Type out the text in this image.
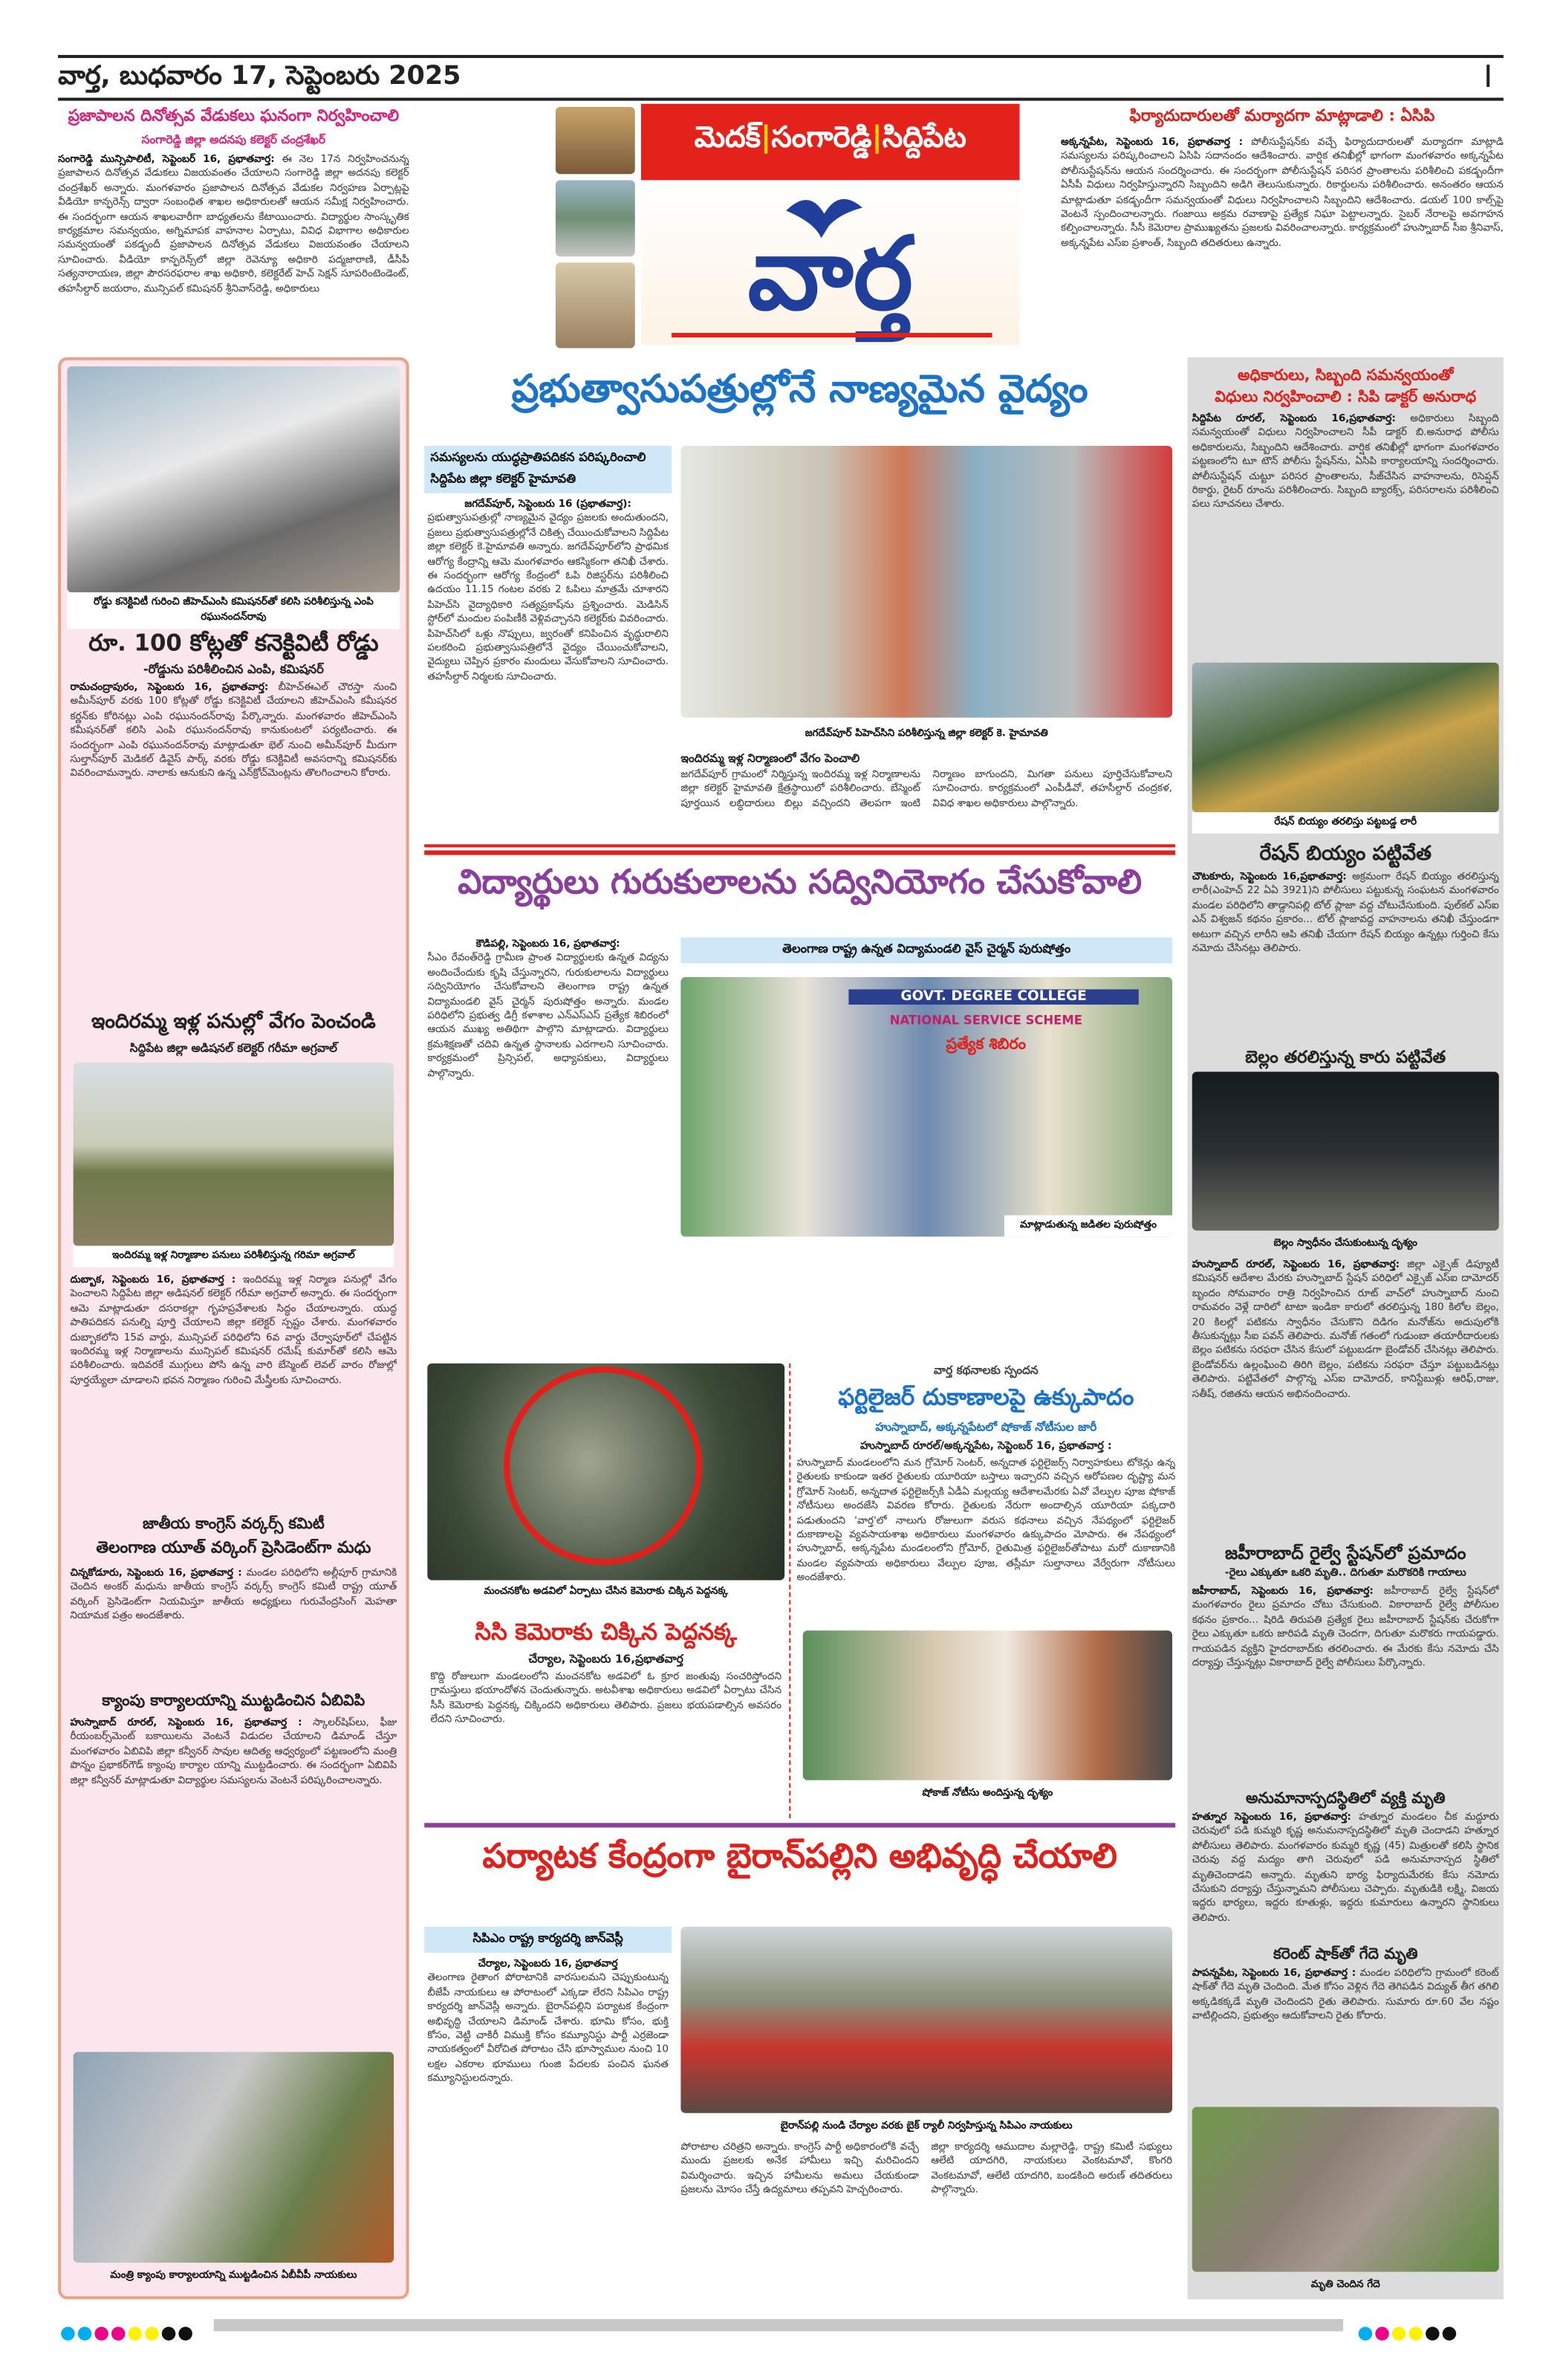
వార్త, బుధవారం 17, సెప్టెంబరు 2025	I
ప్రజాపాలన దినోత్సవ వేడుకలు ఘనంగా నిర్వహించాలి
సంగారెడ్డి జిల్లా అదనపు కలెక్టర్ చంద్రశేఖర్
సంగారెడ్డి మున్సిపాలిటీ, సెప్టెంబర్ 16, ప్రభాతవార్త: ఈ నెల 17న నిర్వహించనున్న ప్రజాపాలన దినోత్సవ వేడుకలు విజయవంతం చేయాలని సంగారెడ్డి జిల్లా అదనపు కలెక్టర్ చంద్రశేఖర్ అన్నారు. మంగళవారం ప్రజాపాలన దినోత్సవ వేడుకల నిర్వహణ ఏర్పాట్లపై వీడియో కాన్ఫరెన్స్ ద్వారా సంబంధిత శాఖల అధికారులతో ఆయన సమీక్ష నిర్వహించారు. ఈ సందర్భంగా ఆయన శాఖలవారీగా బాధ్యతలను కేటాయించారు. విద్యార్థుల సాంస్కృతిక కార్యక్రమాల సమన్వయం, అగ్నిమాపక వాహనాల ఏర్పాటు, వివిధ విభాగాల అధికారుల సమన్వయంతో పకడ్బందీ ప్రజాపాలన దినోత్సవ వేడుకలు విజయవంతం చేయాలని సూచించారు. వీడియో కాన్ఫరెన్స్‌లో జిల్లా రెవెన్యూ అధికారి పద్మజారాణి, డీసీపీ సత్యనారాయణ, జిల్లా పౌరసరఫరాల శాఖ అధికారి, కలెక్టరేట్ హెచ్ సెక్షన్ సూపరింటెండెంట్, తహసీల్దార్ జయరాం, మున్సిపల్ కమిషనర్ శ్రీనివాస్‌రెడ్డి, అధికారులు
మెదక్|సంగారెడ్డి|సిద్దిపేట
వార్త
ఫిర్యాదుదారులతో మర్యాదగా మాట్లాడాలి : ఏసిపి
అక్కన్నపేట, సెప్టెంబరు 16, ప్రభాతవార్త : పోలీసుస్టేషన్‌కు వచ్చే ఫిర్యాదుదారులతో మర్యాదగా మాట్లాడి సమస్యలను పరిష్కరించాలని ఏసిపి సదానందం ఆదేశించారు. వార్షిక తనిఖీల్లో భాగంగా మంగళవారం అక్కన్నపేట పోలీసుస్టేషన్‌ను ఆయన సందర్శించారు. ఈ సందర్భంగా పోలీసుస్టేషన్ పరిసర ప్రాంతాలను పరిశీలించి పకడ్బందీగా ఏసీపీ విధులు నిర్వహిస్తున్నారని సిబ్బందిని అడిగి తెలుసుకున్నారు. రికార్డులను పరిశీలించారు. అనంతరం ఆయన మాట్లాడుతూ పకడ్బందీగా సమన్వయంతో విధులు నిర్వహించాలని సిబ్బందిని ఆదేశించారు. డయల్ 100 కాల్స్‌పై వెంటనే స్పందించాలన్నారు. గంజాయి అక్రమ రవాణాపై ప్రత్యేక నిఘా పెట్టాలన్నారు. సైబర్ నేరాలపై అవగాహన కల్పించాలన్నారు. సీసీ కెమెరాల ప్రాముఖ్యతను ప్రజలకు వివరించాలన్నారు. కార్యక్రమంలో హుస్నాబాద్ సీఐ శ్రీనివాస్, అక్కన్నపేట ఎస్ఐ ప్రశాంత్, సిబ్బంది తదితరులు ఉన్నారు.
రోడ్డు కనెక్టివిటీ గురించి జీహెచ్ఎంసి కమిషనర్‌తో కలిసి పరిశీలిస్తున్న ఎంపి రఘునందన్‌రావు
రూ. 100 కోట్లతో కనెక్టివిటీ రోడ్డు
-రోడ్డును పరిశీలించిన ఎంపి, కమిషనర్
రామచంద్రాపురం, సెప్టెంబరు 16, ప్రభాతవార్త: బీహెచ్ఈఎల్ చౌరస్తా నుంచి అమీన్‌పూర్ వరకు 100 కోట్లతో రోడ్డు కనెక్టివిటీ చేయాలని జీహెచ్ఎంసి కమీషనర కర్ణన్‌కు కోరినట్లు ఎంపి రఘునందన్‌రావు పేర్కొన్నారు. మంగళవారం జీహెచ్ఎంసి కమీషనర్‌తో కలిసి ఎంపి రఘునందన్‌రావు కానుకుంటలో పర్యటించారు. ఈ సందర్భంగా ఎంపి రఘునందన్‌రావు మాట్లాడుతూ భెల్ నుంచి అమీన్‌పూర్ మీదుగా సుల్తాన్‌పూర్ మెడికల్ డివైస్ పార్క్ వరకు రోడ్డు కనెక్టివిటీ అవసరాన్ని కమిషనర్‌కు వివరించామన్నారు. నాలాకు ఆనుకుని ఉన్న ఎన్‌క్రోచ్‌మెంట్లను తొలగించాలని కోరారు.
ఇందిరమ్మ ఇళ్ల పనుల్లో వేగం పెంచండి
సిద్దిపేట జిల్లా అడిషనల్ కలెక్టర్ గరీమా అగ్రవాల్
ఇందిరమ్మ ఇళ్ల నిర్మాణాల పనులు పరిశీలిస్తున్న గరిమా అగ్రవాల్
దుబ్బాక, సెప్టెంబరు 16, ప్రభాతవార్త : ఇందిరమ్మ ఇళ్ల నిర్మాణ పనుల్లో వేగం పెంచాలని సిద్దిపేట జిల్లా అడిషనల్ కలెక్టర్ గరీమా అగ్రవాల్ అన్నారు. ఈ సందర్భంగా ఆమె మాట్లాడుతూ దసరాకల్లా గృహప్రవేశాలకు సిద్ధం చేయాలన్నారు. యుద్ధ పాతిపదికన పనుల్ని పూర్తి చేయాలని జిల్లా కలెక్టర్ స్పష్టం చేశారు. మంగళవారం దుబ్బాకలోని 15వ వార్డు, మున్సిపల్ పరిధిలోని 6వ వార్డు చేర్వాపూర్‌లో చేపట్టిన ఇందిరమ్మ ఇళ్ల నిర్మాణాలను మున్సిపల్ కమిషనర్ రమేష్ కుమార్‌తో కలిసి ఆమె పరిశీలించారు. ఇదివరకే ముగ్గులు పోసి ఉన్న వారి బేస్మెంట్ లెవల్ వారం రోజుల్లో పూర్తయ్యేలా చూడాలని భవన నిర్మాణం గురించి మేస్త్రీలకు సూచించారు.
జాతీయ కాంగ్రెస్ వర్కర్స్ కమిటీ
తెలంగాణ యూత్ వర్కింగ్ ప్రెసిడెంట్‌గా మధు
చిన్నకోడూరు, సెప్టెంబరు 16, ప్రభాతవార్త : మండల పరిధిలోని అల్లీపూర్ గ్రామానికి చెందిన అంకర్ మధును జాతీయ కాంగ్రెస్ వర్కర్స్ కాంగ్రెస్ కమిటీ రాష్ట్ర యూత్ వర్కింగ్ ప్రెసిడెంట్‌గా నియమిస్తూ జాతీయ అధ్యక్షులు గురువేంద్రసింగ్ మెహతా నియామక పత్రం అందజేశారు.
క్యాంపు కార్యాలయాన్ని ముట్టడించిన ఏబివిపి
హుస్నాబాద్ రూరల్, సెప్టెంబరు 16, ప్రభాతవార్త : స్కాలర్‌షిప్‌లు, ఫీజు రీయంబర్స్‌మెంట్ బకాయిలను వెంటనే విడుదల చేయాలని డిమాండ్ చేస్తూ మంగళవారం ఏబివిపి జిల్లా కన్వీనర్ సావుల ఆదిత్య ఆధ్వర్యంలో పట్టణంలోని మంత్రి పొన్నం ప్రభాకర్‌గౌడ్ క్యాంపు కార్యాల యాన్ని ముట్టడించారు. ఈ సందర్భంగా ఏబివిపి జిల్లా కన్వీనర్ మాట్లాడుతూ విద్యార్థుల సమస్యలను వెంటనే పరిష్కరించాలన్నారు.
మంత్రి క్యాంపు కార్యాలయాన్ని ముట్టడించిన ఏబీవీపీ నాయకులు
ప్రభుత్వాసుపత్రుల్లోనే నాణ్యమైన వైద్యం
సమస్యలను యుద్ధప్రాతిపదికన పరిష్కరించాలి
సిద్దిపేట జిల్లా కలెక్టర్ హైమావతి
జగదేవ్‌పూర్, సెప్టెంబరు 16 (ప్రభాతవార్త):
ప్రభుత్వాసుపత్రుల్లో నాణ్యమైన వైద్యం ప్రజలకు అందుతుందని, ప్రజలు ప్రభుత్వాసుపత్రుల్లోనే చికిత్స చేయించుకోవాలని సిద్దిపేట జిల్లా కలెక్టర్ కె.హైమావతి అన్నారు. జగదేవ్‌పూర్‌లోని ప్రాథమిక ఆరోగ్య కేంద్రాన్ని ఆమె మంగళవారం ఆకస్మికంగా తనిఖీ చేశారు. ఈ సందర్భంగా ఆరోగ్య కేంద్రంలో ఓపి రిజిస్టర్‌ను పరిశీలించి ఉదయం 11.15 గంటల వరకు 2 ఓపిలు మాత్రమే చూశారని పిహెచ్‌సి వైద్యాధికారి సత్యప్రకాష్‌ను ప్రశ్నించారు. మెడిసిన్ స్టోర్‌లో మందుల పంపిణీకి వెళ్లివచ్చానని కలెక్టర్‌కు వివరించారు. పిహెచ్‌సిలో ఒళ్లు నొప్పులు, జ్వరంతో కనిపించిన వృద్ధురాలిని పలకరించి ప్రభుత్వాసుపత్రిలోనే వైద్యం చేయించుకోవాలని, వైద్యులు చెప్పిన ప్రకారం మందులు వేసుకోవాలని సూచించారు. తహసీల్దార్ నిర్మలకు సూచించారు.
జగదేవ్‌పూర్ పిహెచ్‌సిని పరిశీలిస్తున్న జిల్లా కలెక్టర్ కె. హైమావతి
ఇందిరమ్మ ఇళ్ల నిర్మాణంలో వేగం పెంచాలి
జగదేవ్‌పూర్ గ్రామంలో నిర్మిస్తున్న ఇందిరమ్మ ఇళ్ల నిర్మాణాలను జిల్లా కలెక్టర్ హైమావతి క్షేత్రస్థాయిలో పరిశీలించారు. బేస్మెంట్ పూర్తయిన లబ్ధిదారులు బిల్లు వచ్చిందని తెలపగా ఇంటి నిర్మాణం బాగుందని, మిగతా పనులు పూర్తిచేసుకోవాలని సూచించారు. కార్యక్రమంలో ఎంపీడీవో, తహసీల్దార్ చంద్రకళ, వివిధ శాఖల అధికారులు పాల్గొన్నారు.
విద్యార్థులు గురుకులాలను సద్వినియోగం చేసుకోవాలి
కౌడిపల్లి, సెప్టెంబరు 16, ప్రభాతవార్త:
సీఎం రేవంత్‌రెడ్డి గ్రామీణ ప్రాంత విద్యార్థులకు ఉన్నత విద్యను అందించేందుకు కృషి చేస్తున్నారని, గురుకులాలను విద్యార్థులు సద్వినియోగం చేసుకోవాలని తెలంగాణ రాష్ట్ర ఉన్నత విద్యామండలి వైస్ చైర్మన్ పురుషోత్తం అన్నారు. మండల పరిధిలోని ప్రభుత్వ డిగ్రీ కళాశాల ఎన్ఎస్ఎస్ ప్రత్యేక శిబిరంలో ఆయన ముఖ్య అతిథిగా పాల్గొని మాట్లాడారు. విద్యార్థులు క్రమశిక్షణతో చదివి ఉన్నత స్థానాలకు ఎదగాలని సూచించారు. కార్యక్రమంలో ప్రిన్సిపల్, అధ్యాపకులు, విద్యార్థులు పాల్గొన్నారు.
తెలంగాణ రాష్ట్ర ఉన్నత విద్యామండలి వైస్ చైర్మన్ పురుషోత్తం
GOVT. DEGREE COLLEGE
NATIONAL SERVICE SCHEME
ప్రత్యేక శిబిరం
మాట్లాడుతున్న జడితల పురుషోత్తం
మంచనకోట అడవిలో ఏర్పాటు చేసిన కెమెరాకు చిక్కిన పెద్దనక్క
సిసి కెమెరాకు చిక్కిన పెద్దనక్క
చేర్యాల, సెప్టెంబరు 16,ప్రభాతవార్త
కొద్ది రోజులుగా మండలంలోని మంచనకోట అడవిలో ఓ క్రూర జంతువు సంచరిస్తోందని గ్రామస్తులు భయాందోళన చెందుతున్నారు. అటవీశాఖ అధికారులు అడవిలో ఏర్పాటు చేసిన సీసీ కెమెరాకు పెద్దనక్క చిక్కిందని అధికారులు తెలిపారు. ప్రజలు భయపడాల్సిన అవసరం లేదని సూచించారు.
వార్త కథనాలకు స్పందన
ఫర్టిలైజర్ దుకాణాలపై ఉక్కుపాదం
హుస్నాబాద్, అక్కన్నపేటలో షోకాజ్ నోటీసుల జారీ
హుస్నాబాద్ రూరల్/అక్కన్నపేట, సెప్టెంబర్ 16, ప్రభాతవార్త :
హుస్నాబాద్ మండలంలోని మన గ్రోమోర్ సెంటర్, అన్నదాత ఫర్టిలైజర్స్ నిర్వాహకులు టోకెన్లు ఉన్న రైతులకు కాకుండా ఇతర రైతులకు యూరియా బస్తాలు ఇచ్చారని వచ్చిన ఆరోపణల దృష్ట్యా మన గ్రోమోర్ సెంటర్, అన్నదాత ఫర్టిలైజర్స్‌కి ఏడీఏ మల్లయ్య ఆదేశాలమేరకు ఏవో వేల్పుల పూజ షోకాజ్ నోటీసులు అందజేసి వివరణ కోరారు. రైతులకు నేరుగా అందాల్సిన యూరియా పక్కదారి పడుతుందని 'వార్త'లో నాలుగు రోజులుగా వరుస కథనాలు వచ్చిన నేపథ్యంలో ఫర్టిలైజర్ దుకాణాలపై వ్యవసాయశాఖ అధికారులు మంగళవారం ఉక్కుపాదం మోపారు. ఈ నేపథ్యంలో హుస్నాబాద్, అక్కన్నపేట మండలంలోని గ్రోమోర్, రైతుమిత్ర ఫర్టిలైజర్‌తోపాటు మరో దుకాణానికి మండల వ్యవసాయ అధికారులు వేల్పుల పూజ, తస్లీమా సుల్తానాలు వేర్వేరుగా నోటీసులు అందజేశారు.
షోకాజ్ నోటీసు అందిస్తున్న దృశ్యం
పర్యాటక కేంద్రంగా బైరాన్‌పల్లిని అభివృద్ధి చేయాలి
సిపిఎం రాష్ట్ర కార్యదర్శి జాన్‌వెస్లీ
చేర్యాల, సెప్టెంబరు 16, ప్రభాతవార్త
తెలంగాణ రైతాంగ పోరాటానికి వారసులమని చెప్పుకుంటున్న బీజేపీ నాయకులు ఆ పోరాటంలో ఎక్కడా లేరని సిపిఎం రాష్ట్ర కార్యదర్శి జాన్‌వెస్లీ అన్నారు. బైరాన్‌పల్లిని పర్యాటక కేంద్రంగా అభివృద్ధి చేయాలని డిమాండ్ చేశారు. భూమి కోసం, భుక్తి కోసం, వెట్టి చాకిరీ విముక్తి కోసం కమ్యూనిస్టు పార్టీ ఎర్రజెండా నాయకత్వంలో వీరోచిత పోరాటం చేసి భూస్వాముల నుంచి 10 లక్షల ఎకరాల భూములు గుంజి పేదలకు పంచిన ఘనత కమ్యూనిస్టులదన్నారు.
బైరాన్‌పల్లి నుండి చేర్యాల వరకు బైక్ ర్యాలీ నిర్వహిస్తున్న సిపిఎం నాయకులు
పోరాటాల చరిత్రని అన్నారు. కాంగ్రెస్ పార్టీ అధికారంలోకి వచ్చే ముందు ప్రజలకు అనేక హామీలు ఇచ్చి మరిచిందని విమర్శించారు. ఇచ్చిన హామీలను అమలు చేయకుండా ప్రజలను మోసం చేస్తే ఉద్యమాలు తప్పవని హెచ్చరించారు.
జిల్లా కార్యదర్శి ఆముదాల మల్లారెడ్డి, రాష్ట్ర కమిటీ సభ్యులు ఆలేటి యాదగిరి, నాయకులు వెంకటమావో, కొంగరి వెంకటమావో, ఆలేటి యాదగిరి, బండకింది అరుణ్ తదితరులు పాల్గొన్నారు.
అధికారులు, సిబ్బంది సమన్వయంతో
విధులు నిర్వహించాలి : సిపి డాక్టర్ అనురాధ
సిద్దిపేట రూరల్, సెప్టెంబరు 16,ప్రభాతవార్త:	అధికారులు సిబ్బంది సమన్వయంతో విధులు నిర్వహించాలని సీపీ డాక్టర్ బి.అనురాధ పోలీసు అధికారులను, సిబ్బందిని ఆదేశించారు. వార్షిక తనిఖీల్లో భాగంగా మంగళవారం పట్టణంలోని టూ టౌన్ పోలీసు స్టేషన్‌ను, ఏసిపి కార్యాలయాన్ని సందర్శించారు. పోలీసుస్టేషన్ చుట్టూ పరిసర ప్రాంతాలను, సీజ్‌చేసిన వాహనాలను, రిసెప్షన్ రికార్డు, రైటర్ రూంను పరిశీలించారు. సిబ్బంది బ్యారక్స్, పరిసరాలను పరిశీలించి పలు సూచనలు చేశారు.
రేషన్ బియ్యం తరలిస్తు పట్టబడ్డ లారీ
రేషన్ బియ్యం పట్టివేత
చౌటకూరు, సెప్టెంబరు 16,ప్రభాతవార్త: అక్రమంగా రేషన్ బియ్యం తరలిస్తున్న లారీ(ఎంహెచ్ 22 ఏఏ 3921)ని పోలీసులు పట్టుకున్న సంఘటన మంగళవారం మండల పరిధిలోని తాడ్దానిపల్లి టోల్ ప్లాజా వద్ద చోటుచేసుకుంది. పుల్‌కల్ ఎస్ఐ ఎన్ విశ్వజన్ కథనం ప్రకారం... టోల్ ప్లాజావద్ద వాహనాలను తనిఖీ చేస్తుండగా అటుగా వచ్చిన లారీని ఆపి తనిఖీ చేయగా రేషన్ బియ్యం ఉన్నట్లు గుర్తించి కేసు నమోదు చేసినట్లు తెలిపారు.
బెల్లం తరలిస్తున్న కారు పట్టివేత
బెల్లం స్వాధీనం చేసుకుంటున్న దృశ్యం
హుస్నాబాద్ రూరల్, సెప్టెంబరు 16, ప్రభాతవార్త: జిల్లా ఎక్సైజ్ డిప్యూటీ కమిషనర్ ఆదేశాల మేరకు హుస్నాబాద్ స్టేషన్ పరిధిలో ఎక్సైజ్ ఎస్ఐ దామోదర్ బృందం సోమవారం రాత్రి నిర్వహించిన రూట్ వాచ్‌లో హుస్నాబాద్ నుంచి రామవరం వెళ్లే దారిలో టాటా ఇండికా కారులో తరలిస్తున్న 180 కిలోల బెల్లం, 20 కిలల్లో పటికను స్వాధీనం చేసుకొని దిడిగం మనోజ్‌ను అదుపులోకి తీసుకున్నట్లు సీఐ పవన్ తెలిపారు. మనోజ్ గతంలో గుడుంబా తయారీదారులకు బెల్లం పటికను సరఫరా చేసిన కేసులో పట్టుబడగా బైండోవర్ చేసినట్లు తెలిపారు. బైండోవర్‌ను ఉల్లంఘించి తిరిగి బెల్లం, పటికను సరఫరా చేస్తూ పట్టుబడినట్లు తెలిపారు. పట్టివేతలో పాల్గొన్న ఎస్ఐ దామోదర్, కానిస్టేబుళ్లు ఆరిఫ్,రాజు, సతీష్, రజితను ఆయన అభినందించారు.
జహీరాబాద్ రైల్వే స్టేషన్‌లో ప్రమాదం
-రైలు ఎక్కుతూ ఒకరి మృతి.. దిగుతూ మరొకరికి గాయాలు
జహీరాబాద్, సెప్టెంబరు 16, ప్రభాతవార్త: జహీరాబాద్ రైల్వే స్టేషన్‌లో మంగళవారం రైలు ప్రమాదం చోటు చేసుకుంది. వికారాబాద్ రైల్వే పోలీసుల కథనం ప్రకారం... షిరిడి తిరుపతి ప్రత్యేక రైలు జహీరాబాద్ స్టేషన్‌కు చేరుకోగా రైలు ఎక్కుతూ ఒకరు జారిపడి మృతి చెందగా, దిగుతూ మరొకరు గాయపడ్డారు. గాయపడిన వ్యక్తిని హైదరాబాద్‌కు తరలించారు. ఈ మేరకు కేసు నమోదు చేసి దర్యాప్తు చేస్తున్నట్లు వికారాబాద్ రైల్వే పోలీసులు పేర్కొన్నారు.
అనుమానాస్పదస్థితిలో వ్యక్తి మృతి
హత్నూర సెప్టెంబరు 16, ప్రభాతవార్త: హత్నూర మండలం చీక మద్దూరు చెరువులో పడి కుమ్మరి కృష్ణ అనుమనాస్పదస్థితిలో మృతి చెందాడని హత్నూర పోలీసులు తెలిపారు. మంగళవారం కుమ్మరి కృష్ణ (45) మిత్రులతో కలిసి స్థానిక చెరువు వద్ద మద్యం తాగి చెరువులో పడి అనుమానాస్పద స్థితిలో మృతిచెందాడని అన్నారు. మృతుని భార్య ఫిర్యాదుమేరకు కేసు నమోదు చేసుకుని దర్యాప్తు చేస్తున్నామని పోలీసులు చెప్పారు. మృతుడికి లక్ష్మి, విజయ ఇద్దరు భార్యలు, ఇద్దరు కూతుళ్లు, ఇద్దరు కుమారులు ఉన్నారని స్థానికులు తెలిపారు.
కరెంట్ షాక్‌తో గేదె మృతి
పాపన్నపేట, సెప్టెంబరు 16, ప్రభాతవార్త : మండల పరిధిలోని గ్రామంలో కరెంట్ షాక్‌తో గేదె మృతి చెందింది. మేత కోసం వెళ్లిన గేదె తెగిపడిన విద్యుత్ తీగ తగిలి అక్కడికక్కడే మృతి చెందిందని రైతు తెలిపారు. సుమారు రూ.60 వేల నష్టం వాటిల్లిందని, ప్రభుత్వం ఆదుకోవాలని రైతు కోరారు.
మృతి చెందిన గేదె
